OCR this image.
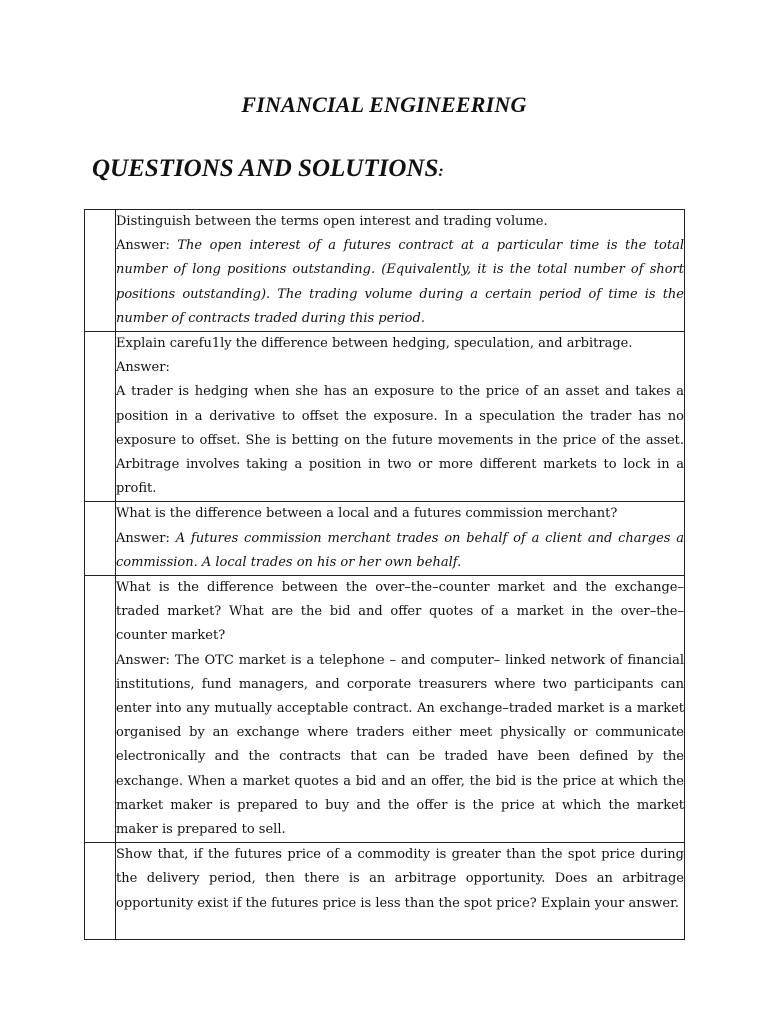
FINANCIAL ENGINEERING
QUESTIONS AND SOLUTIONS:

	Distinguish between the terms open interest and trading volume.

Answer: The open interest of a futures contract at a particular time is the total number of long positions outstanding. (Equivalently, it is the total number of short positions outstanding). The trading volume during a certain period of time is the number of contracts traded during this period.

	Explain carefu1ly the difference between hedging, speculation, and arbitrage.

Answer:

A trader is hedging when she has an exposure to the price of an asset and takes a position in a derivative to offset the exposure. In a speculation the trader has no exposure to offset. She is betting on the future movements in the price of the asset. Arbitrage involves taking a position in two or more different markets to lock in a profit.

	What is the difference between a local and a futures commission merchant?

Answer: A futures commission merchant trades on behalf of a client and charges a commission. A local trades on his or her own behalf.

	What is the difference between the over–the–counter market and the exchange–traded market? What are the bid and offer quotes of a market in the over–the–counter market?

Answer: The OTC market is a telephone – and computer– linked network of financial institutions, fund managers, and corporate treasurers where two participants can enter into any mutually acceptable contract. An exchange–traded market is a market organised by an exchange where traders either meet physically or communicate electronically and the contracts that can be traded have been defined by the exchange. When a market quotes a bid and an offer, the bid is the price at which the market maker is prepared to buy and the offer is the price at which the market maker is prepared to sell.

	Show that, if the futures price of a commodity is greater than the spot price during the delivery period, then there is an arbitrage opportunity. Does an arbitrage opportunity exist if the futures price is less than the spot price? Explain your answer.
